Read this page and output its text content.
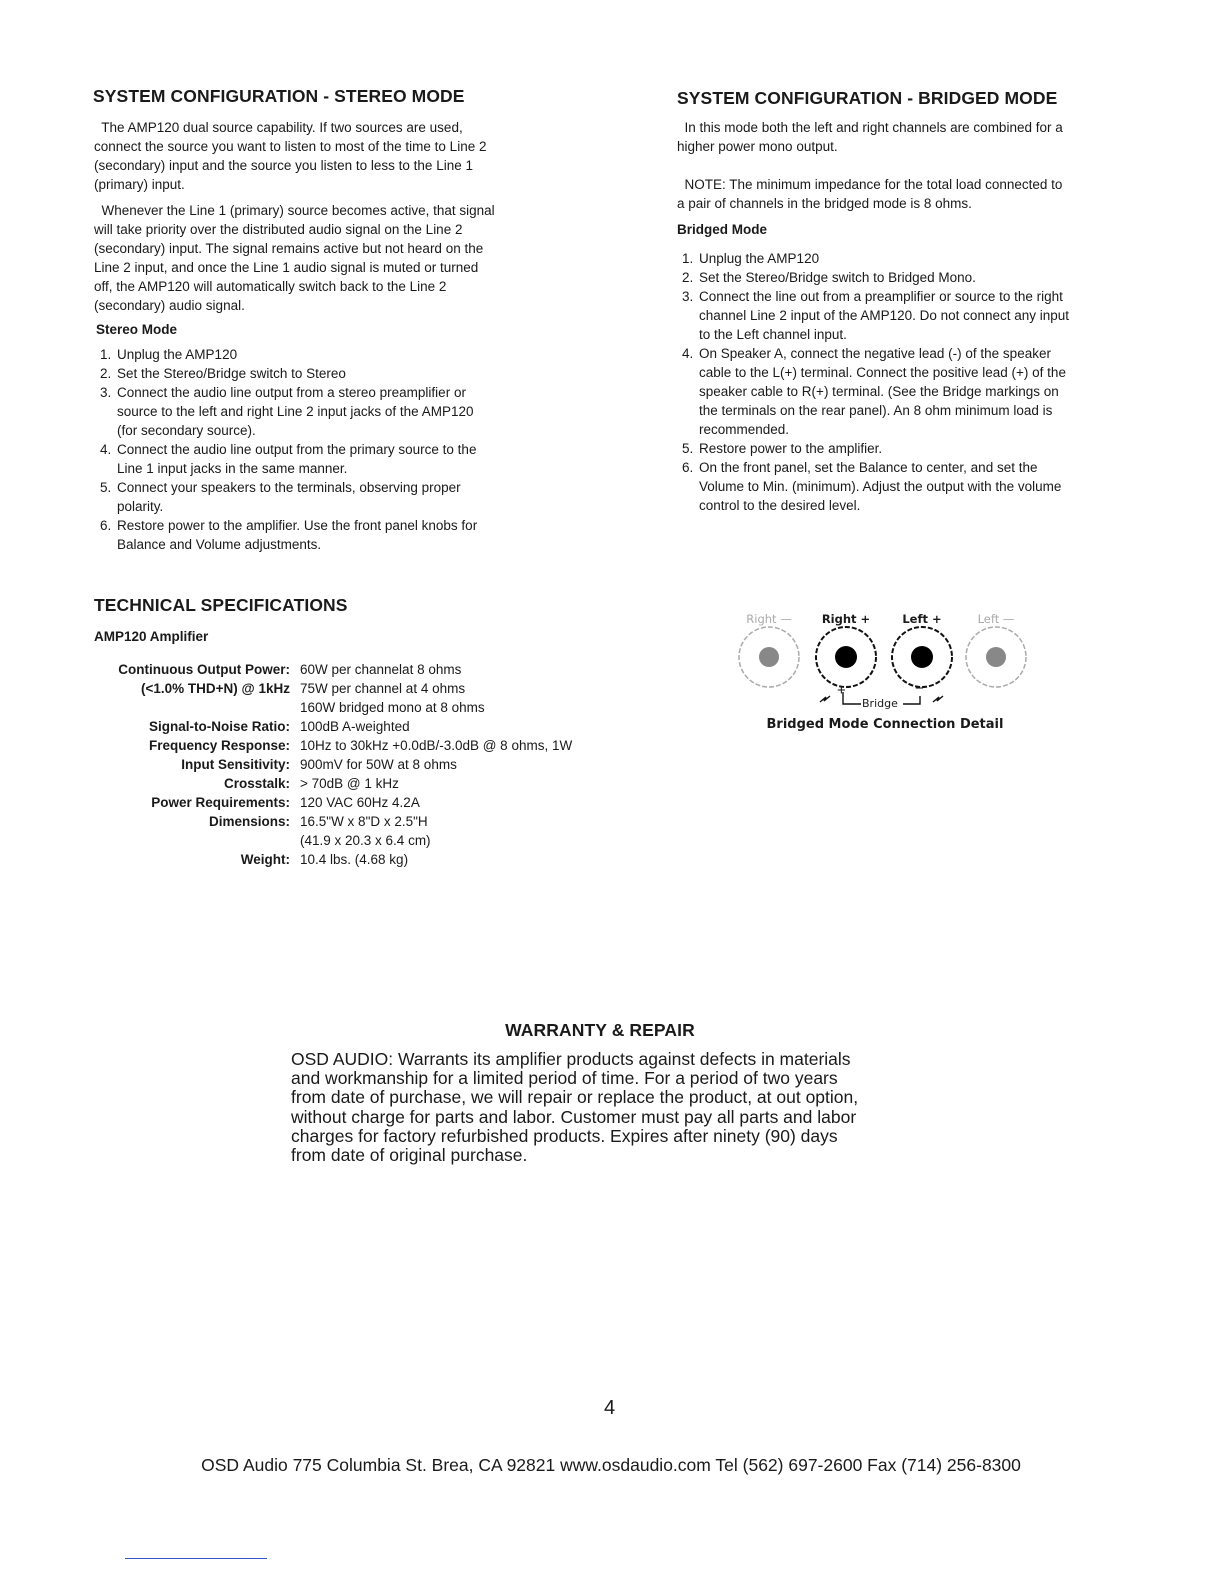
SYSTEM CONFIGURATION - STEREO MODE
The AMP120 dual source capability. If two sources are used,
connect the source you want to listen to most of the time to Line 2
(secondary) input and the source you listen to less to the Line 1
(primary) input.
Whenever the Line 1 (primary) source becomes active, that signal
will take priority over the distributed audio signal on the Line 2
(secondary) input. The signal remains active but not heard on the
Line 2 input, and once the Line 1 audio signal is muted or turned
off, the AMP120 will automatically switch back to the Line 2
(secondary) audio signal.
Stereo Mode
1. Unplug the AMP120
2. Set the Stereo/Bridge switch to Stereo
3. Connect the audio line output from a stereo preamplifier or
source to the left and right Line 2 input jacks of the AMP120
(for secondary source).
4. Connect the audio line output from the primary source to the
Line 1 input jacks in the same manner.
5. Connect your speakers to the terminals, observing proper
polarity.
6. Restore power to the amplifier. Use the front panel knobs for
Balance and Volume adjustments.
SYSTEM CONFIGURATION - BRIDGED MODE
In this mode both the left and right channels are combined for a
higher power mono output.
NOTE: The minimum impedance for the total load connected to
a pair of channels in the bridged mode is 8 ohms.
Bridged Mode
1. Unplug the AMP120
2. Set the Stereo/Bridge switch to Bridged Mono.
3. Connect the line out from a preamplifier or source to the right
channel Line 2 input of the AMP120. Do not connect any input
to the Left channel input.
4. On Speaker A, connect the negative lead (-) of the speaker
cable to the L(+) terminal. Connect the positive lead (+) of the
speaker cable to R(+) terminal. (See the Bridge markings on
the terminals on the rear panel). An 8 ohm minimum load is
recommended.
5. Restore power to the amplifier.
6. On the front panel, set the Balance to center, and set the
Volume to Min. (minimum). Adjust the output with the volume
control to the desired level.
TECHNICAL SPECIFICATIONS
AMP120 Amplifier
Continuous Output Power:	60W per channelat 8 ohms
(<1.0% THD+N) @ 1kHz	75W per channel at 4 ohms
	160W bridged mono at 8 ohms
Signal-to-Noise Ratio:	100dB A-weighted
Frequency Response:	10Hz to 30kHz +0.0dB/-3.0dB @ 8 ohms, 1W
Input Sensitivity:	900mV for 50W at 8 ohms
Crosstalk:	> 70dB @ 1 kHz
Power Requirements:	120 VAC 60Hz 4.2A
Dimensions:	16.5"W x 8"D x 2.5"H
	(41.9 x 20.3 x 6.4 cm)
Weight:	10.4 lbs. (4.68 kg)
Right —	Right +	Left +	Left —
+	−
Bridge
Bridged Mode Connection Detail
WARRANTY & REPAIR
OSD AUDIO: Warrants its amplifier products against defects in materials
and workmanship for a limited period of time. For a period of two years
from date of purchase, we will repair or replace the product, at out option,
without charge for parts and labor. Customer must pay all parts and labor
charges for factory refurbished products. Expires after ninety (90) days
from date of original purchase.
4
OSD Audio 775 Columbia St. Brea, CA 92821 www.osdaudio.com Tel (562) 697-2600 Fax (714) 256-8300
